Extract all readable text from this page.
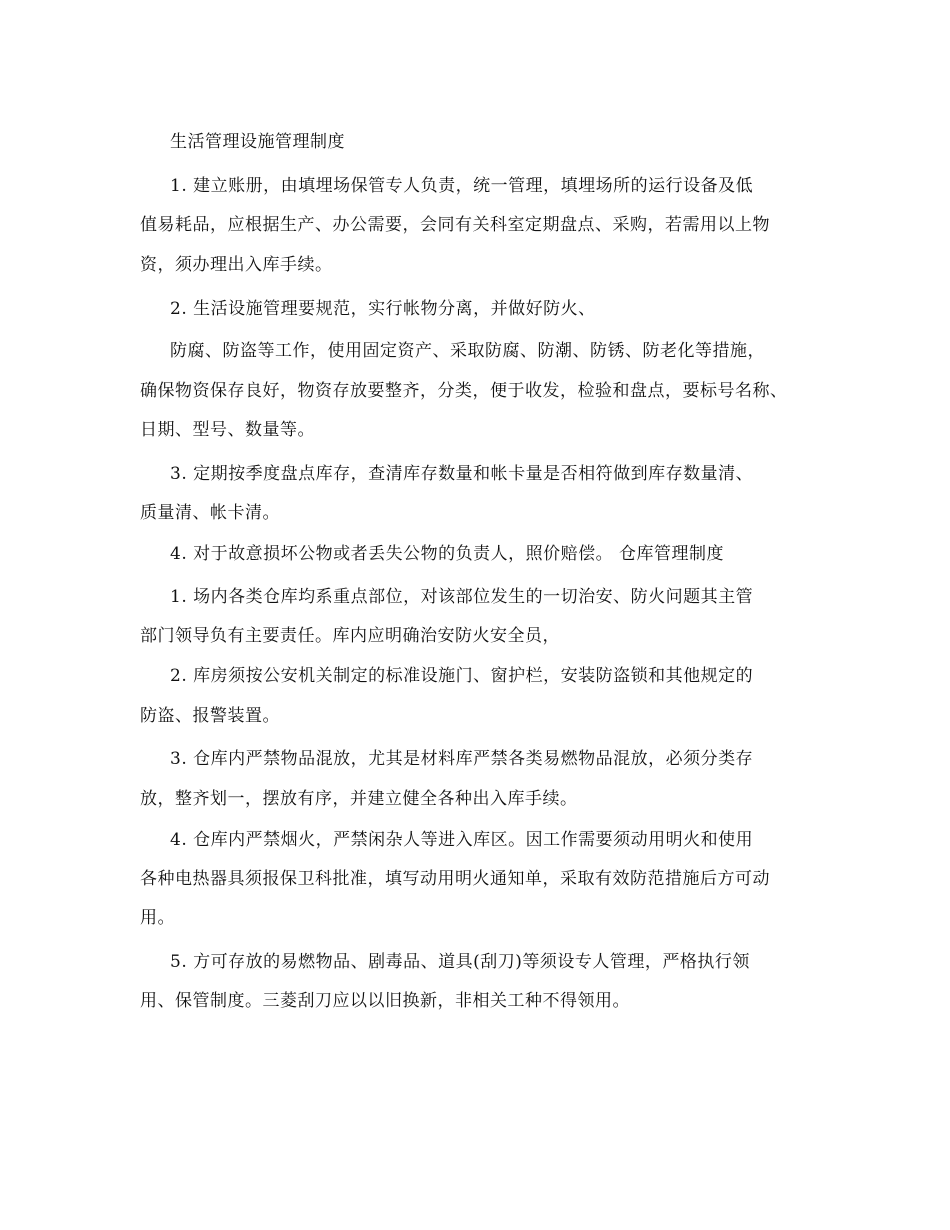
生活管理设施管理制度
1. 建立账册，由填埋场保管专人负责，统一管理，填埋场所的运行设备及低
值易耗品，应根据生产、办公需要，会同有关科室定期盘点、采购，若需用以上物
资，须办理出入库手续。
2. 生活设施管理要规范，实行帐物分离，并做好防火、
防腐、防盗等工作，使用固定资产、采取防腐、防潮、防锈、防老化等措施，
确保物资保存良好，物资存放要整齐，分类，便于收发，检验和盘点，要标号名称、
日期、型号、数量等。
3. 定期按季度盘点库存，查清库存数量和帐卡量是否相符做到库存数量清、
质量清、帐卡清。
4. 对于故意损坏公物或者丢失公物的负责人，照价赔偿。 仓库管理制度
1. 场内各类仓库均系重点部位，对该部位发生的一切治安、防火问题其主管
部门领导负有主要责任。库内应明确治安防火安全员，
2. 库房须按公安机关制定的标准设施门、窗护栏，安装防盗锁和其他规定的
防盗、报警装置。
3. 仓库内严禁物品混放，尤其是材料库严禁各类易燃物品混放，必须分类存
放，整齐划一，摆放有序，并建立健全各种出入库手续。
4. 仓库内严禁烟火，严禁闲杂人等进入库区。因工作需要须动用明火和使用
各种电热器具须报保卫科批准，填写动用明火通知单，采取有效防范措施后方可动
用。
5. 方可存放的易燃物品、剧毒品、道具(刮刀)等须设专人管理，严格执行领
用、保管制度。三菱刮刀应以以旧换新，非相关工种不得领用。
